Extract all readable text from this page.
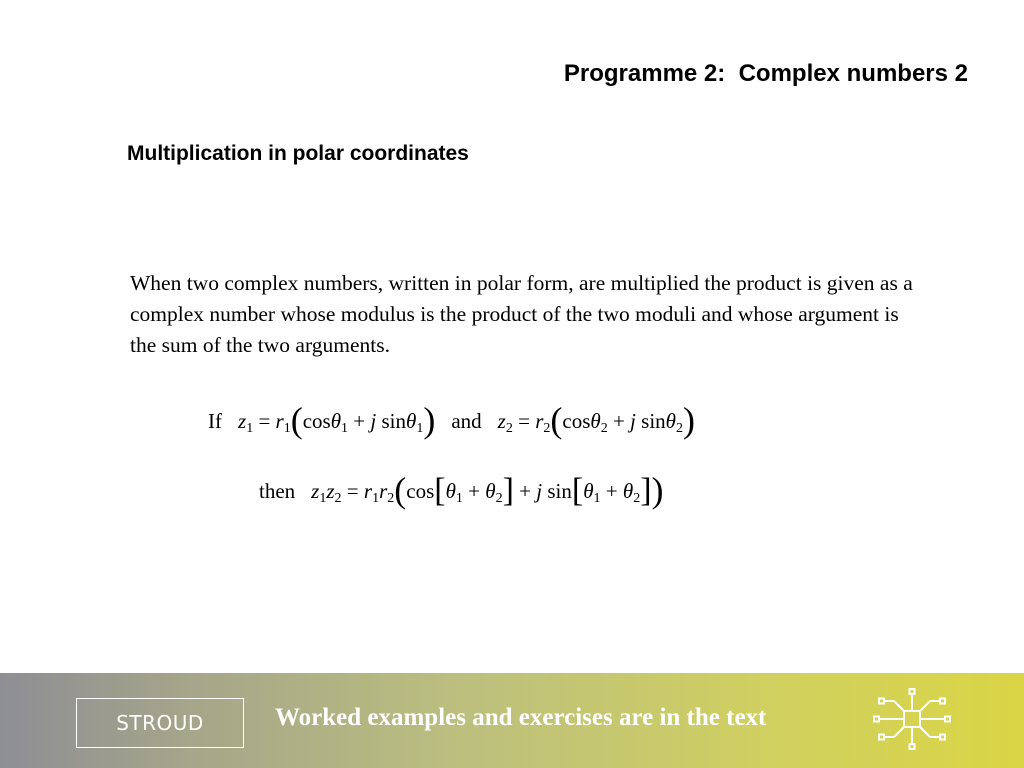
Programme 2:  Complex numbers 2
Multiplication in polar coordinates

When two complex numbers, written in polar form, are multiplied the product is given as a complex number whose modulus is the product of the two moduli and whose argument is the sum of the two arguments.

If $z_1 = r_1(\cos\theta_1 + j$ sinθ$_1$) and $z_2 = r_2(\cos\theta_2 + j$ sinθ$_2$)
then $z_1z_2 = r_1r_2(\cos[\theta_1 + \theta_2] + j$ $\sin[\theta_1 + \theta_2]$)
STROUD	Worked examples and exercises are in the text
